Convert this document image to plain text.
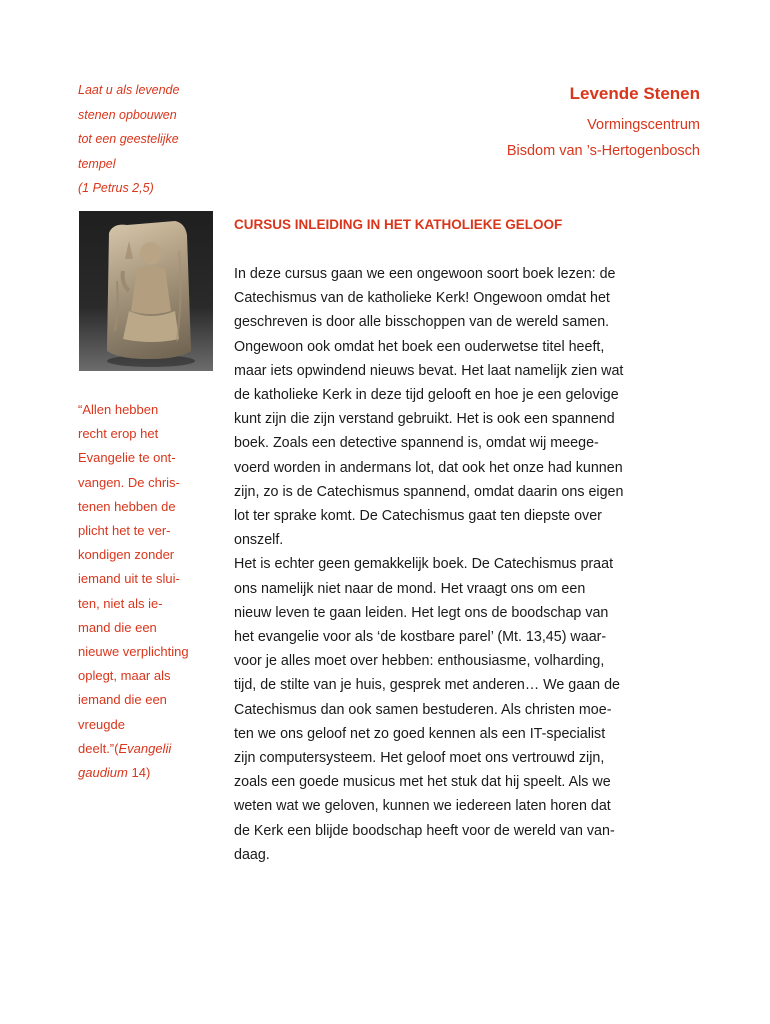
Laat u als levende
stenen opbouwen
tot een geestelijke
tempel
(1 Petrus 2,5)
Levende Stenen
Vormingscentrum
Bisdom van ’s-Hertogenbosch
“Allen hebben
recht erop het
Evangelie te ont-
vangen. De chris-
tenen hebben de
plicht het te ver-
kondigen zonder
iemand uit te slui-
ten, niet als ie-
mand die een
nieuwe verplichting
oplegt, maar als
iemand die een
vreugde
deelt.”(Evangelii
gaudium 14)
CURSUS INLEIDING IN HET KATHOLIEKE GELOOF
In deze cursus gaan we een ongewoon soort boek lezen: de
Catechismus van de katholieke Kerk! Ongewoon omdat het
geschreven is door alle bisschoppen van de wereld samen.
Ongewoon ook omdat het boek een ouderwetse titel heeft,
maar iets opwindend nieuws bevat. Het laat namelijk zien wat
de katholieke Kerk in deze tijd gelooft en hoe je een gelovige
kunt zijn die zijn verstand gebruikt. Het is ook een spannend
boek. Zoals een detective spannend is, omdat wij meege-
voerd worden in andermans lot, dat ook het onze had kunnen
zijn, zo is de Catechismus spannend, omdat daarin ons eigen
lot ter sprake komt. De Catechismus gaat ten diepste over
onszelf.
Het is echter geen gemakkelijk boek. De Catechismus praat
ons namelijk niet naar de mond. Het vraagt ons om een
nieuw leven te gaan leiden. Het legt ons de boodschap van
het evangelie voor als ‘de kostbare parel’ (Mt. 13,45) waar-
voor je alles moet over hebben: enthousiasme, volharding,
tijd, de stilte van je huis, gesprek met anderen… We gaan de
Catechismus dan ook samen bestuderen. Als christen moe-
ten we ons geloof net zo goed kennen als een IT-specialist
zijn computersysteem. Het geloof moet ons vertrouwd zijn,
zoals een goede musicus met het stuk dat hij speelt. Als we
weten wat we geloven, kunnen we iedereen laten horen dat
de Kerk een blijde boodschap heeft voor de wereld van van-
daag.
